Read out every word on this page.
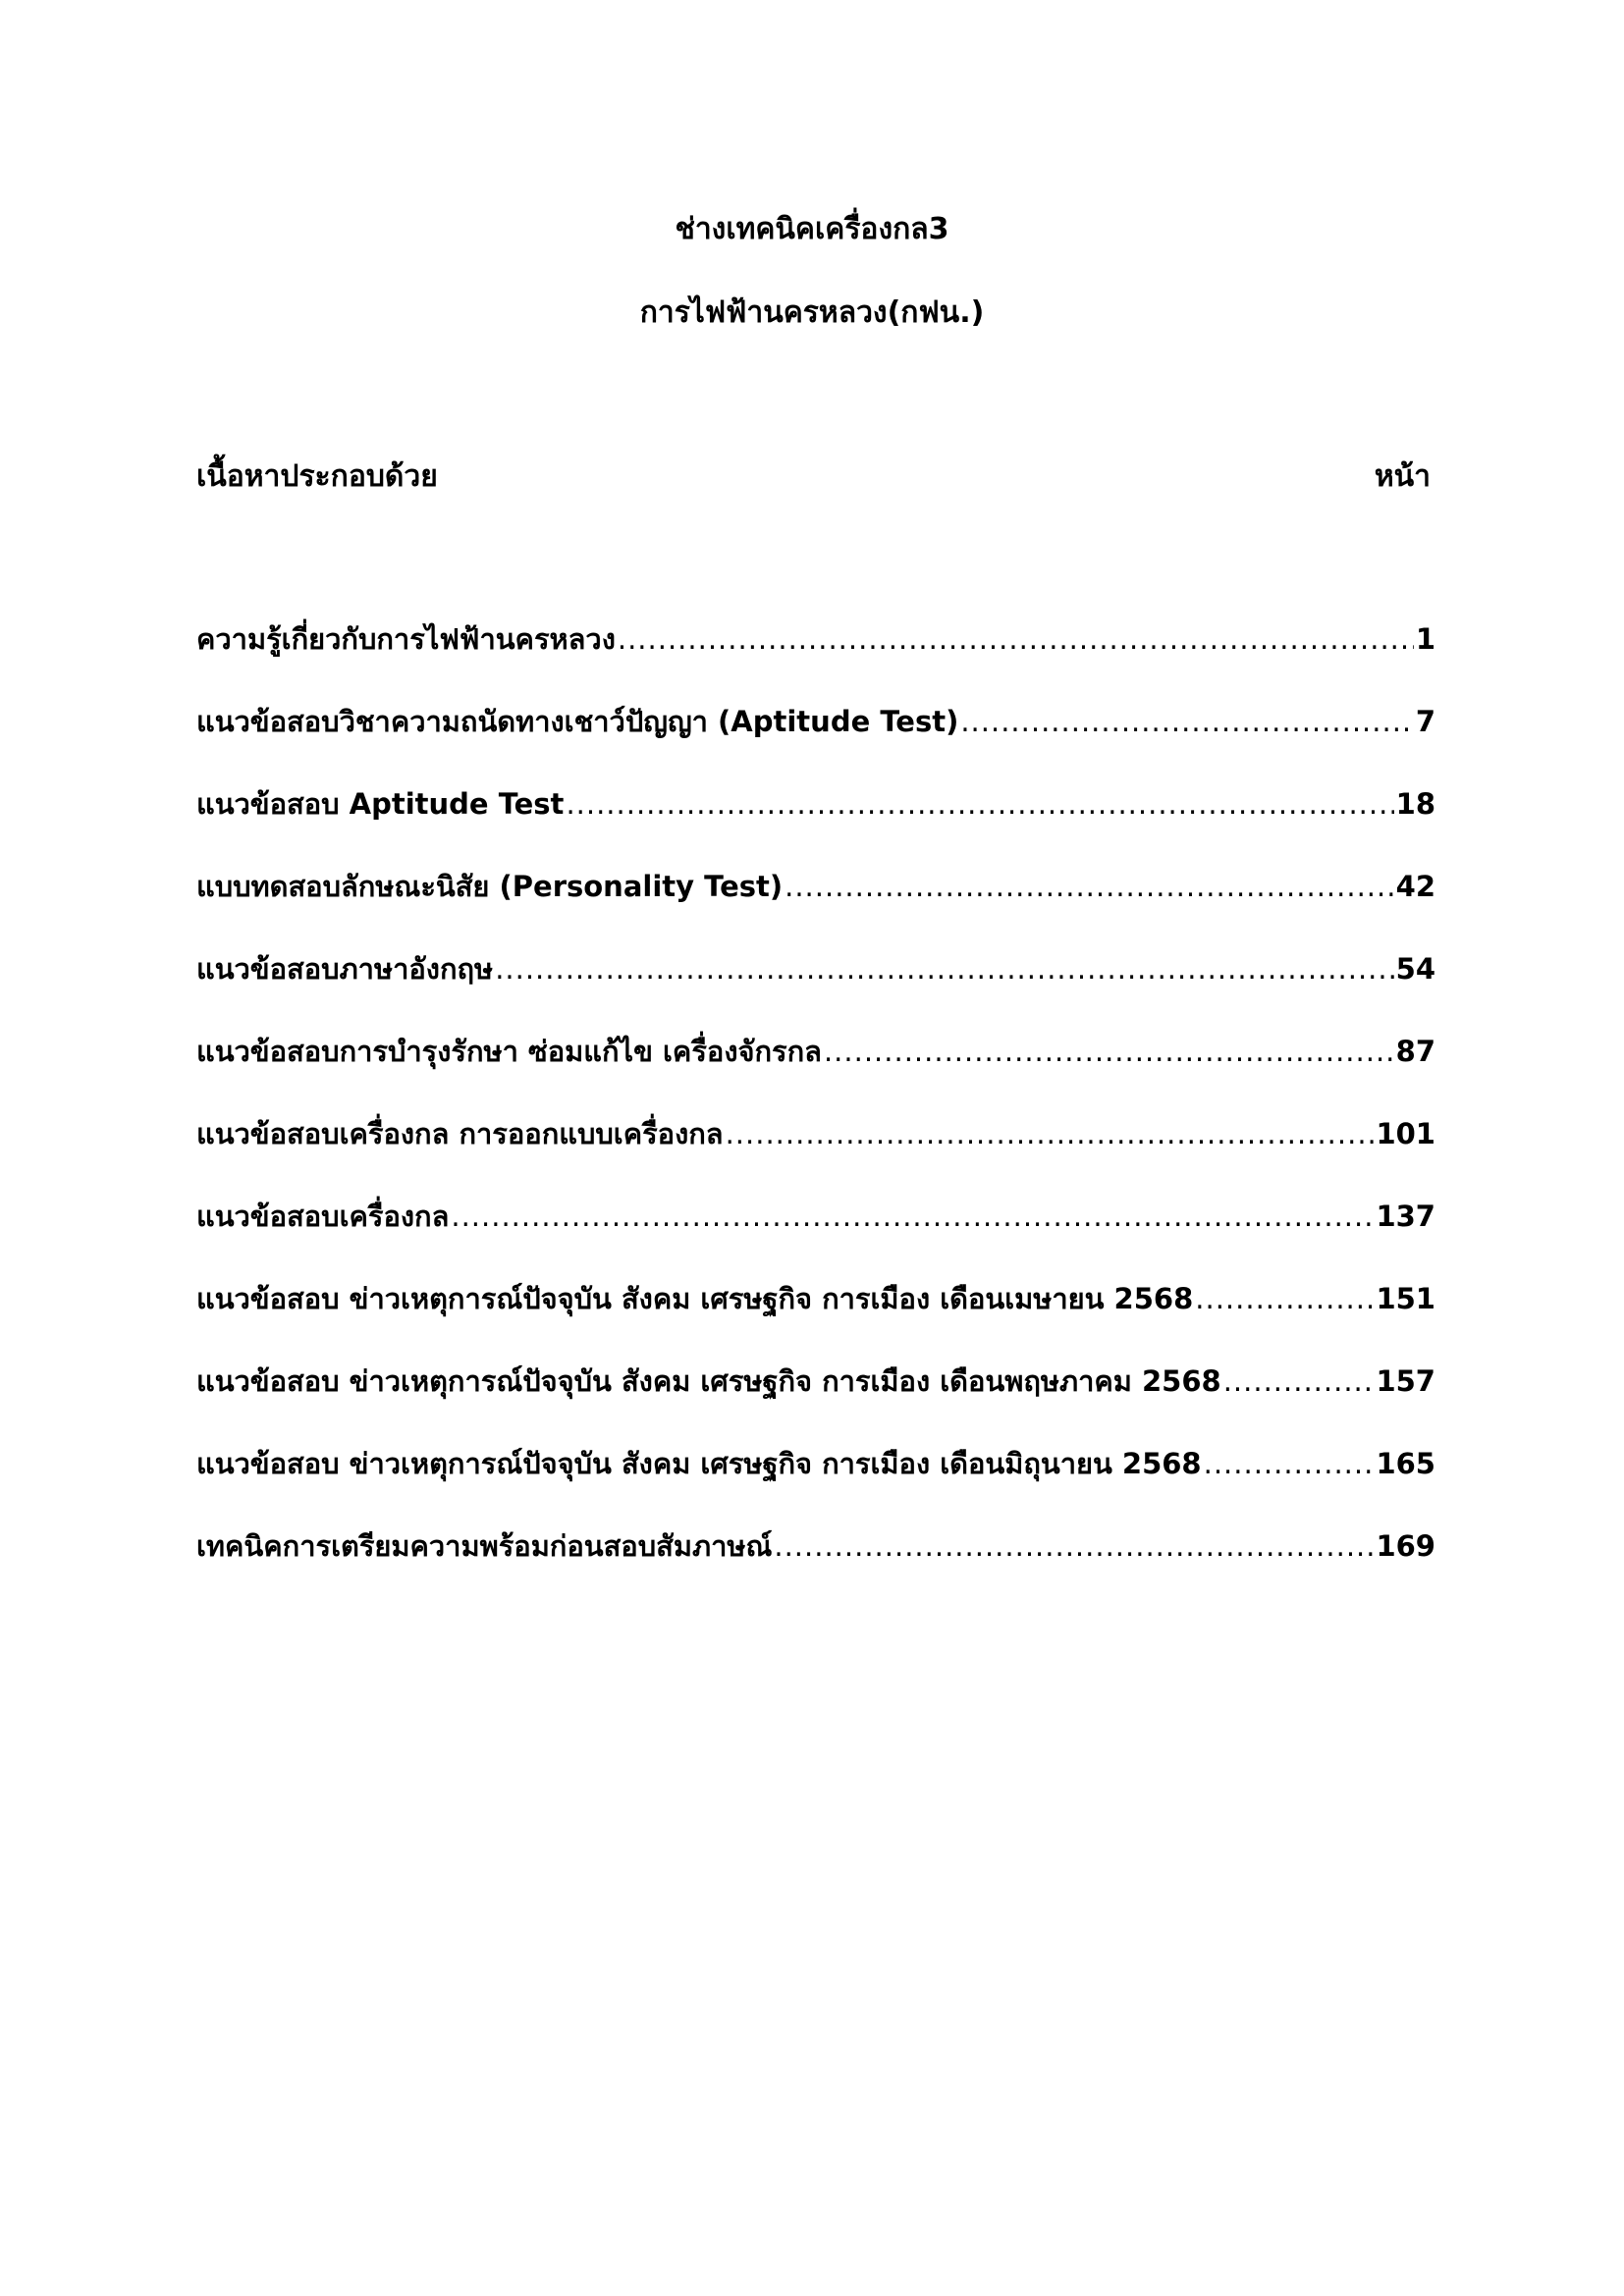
ช่างเทคนิคเครื่องกล3
การไฟฟ้านครหลวง(กฟน.)
เนื้อหาประกอบด้วย	หน้า
ความรู้เกี่ยวกับการไฟฟ้านครหลวง .....	1
แนวข้อสอบวิชาความถนัดทางเชาว์ปัญญา (Aptitude Test) .....	7
แนวข้อสอบ Aptitude Test .....	18
แบบทดสอบลักษณะนิสัย (Personality Test) .....	42
แนวข้อสอบภาษาอังกฤษ .....	54
แนวข้อสอบการบำรุงรักษา ซ่อมแก้ไข เครื่องจักรกล .....	87
แนวข้อสอบเครื่องกล การออกแบบเครื่องกล .....	101
แนวข้อสอบเครื่องกล .....	137
แนวข้อสอบ ข่าวเหตุการณ์ปัจจุบัน สังคม เศรษฐกิจ การเมือง เดือนเมษายน 2568 .....	151
แนวข้อสอบ ข่าวเหตุการณ์ปัจจุบัน สังคม เศรษฐกิจ การเมือง เดือนพฤษภาคม 2568 .....	157
แนวข้อสอบ ข่าวเหตุการณ์ปัจจุบัน สังคม เศรษฐกิจ การเมือง เดือนมิถุนายน 2568 .....	165
เทคนิคการเตรียมความพร้อมก่อนสอบสัมภาษณ์ .....	169
